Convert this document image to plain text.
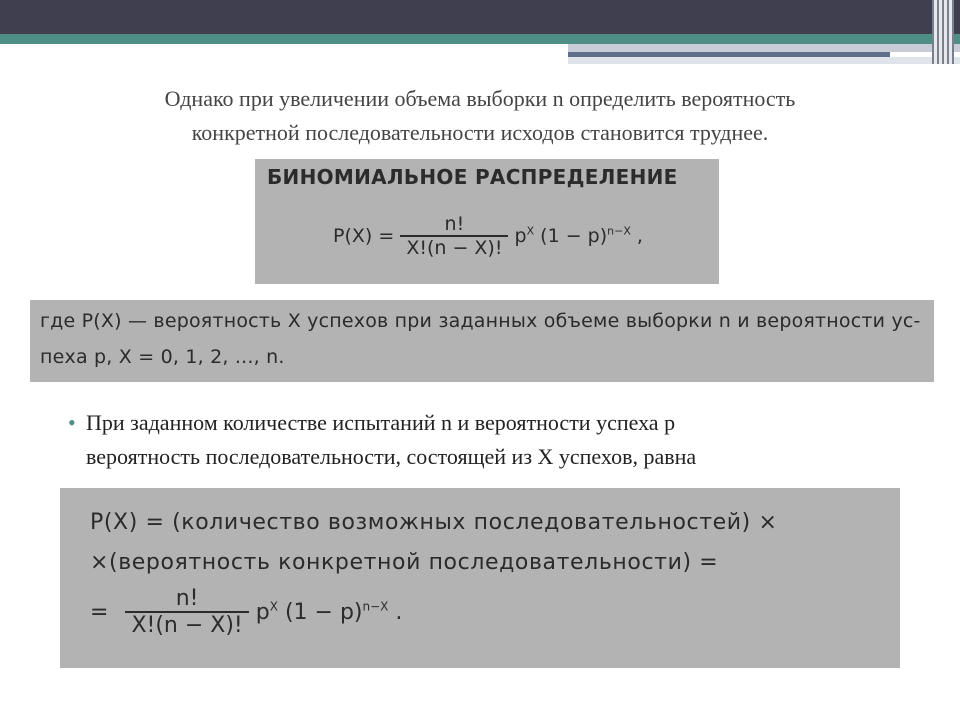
Однако при увеличении объема выборки n определить вероятность
конкретной последовательности исходов становится труднее.
БИНОМИАЛЬНОЕ РАСПРЕДЕЛЕНИЕ
$P(X) = \frac{n!}{X!(n - X)!} p^X$ $(1 - p)^{n-X}$ ,
где P(X) — вероятность X успехов при заданных объеме выборки n и вероятности ус-
пеха p, X = 0, 1, 2, ..., n.
• При заданном количестве испытаний n и вероятности успеха p
вероятность последовательности, состоящей из X успехов, равна
P(X) = (количество возможных последовательностей) ×
×(вероятность конкретной последовательности) =
= $\frac{n!}{X!(n - X)!} p^X$ $(1 - p)^{n-X}$ .
